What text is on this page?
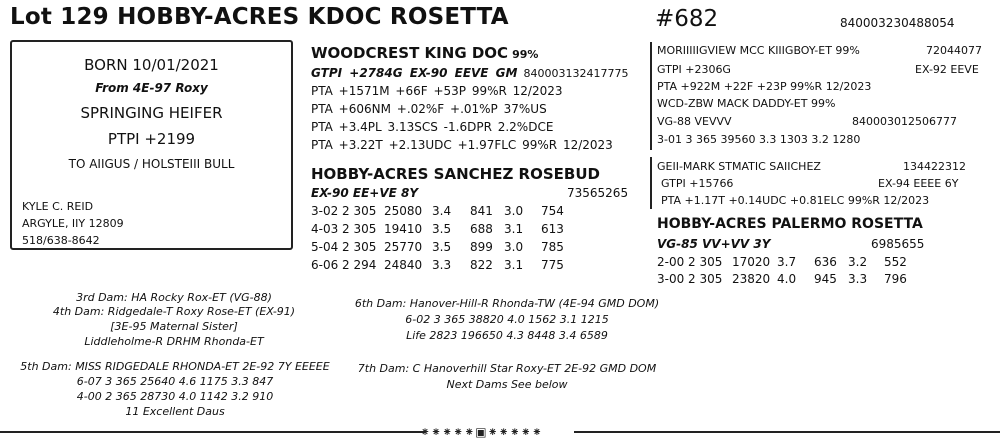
Lot 129 HOBBY-ACRES KDOC ROSETTA	#682	840003230488054
BORN 10/01/2021
From 4E-97 Roxy
SPRINGING HEIFER
PTPI +2199
TO AIIGUS / HOLSTEIII BULL
KYLE C. REID
ARGYLE, IIY 12809
518/638-8642
WOODCREST KING DOC 99%
GTPI +2784G EX-90 EEVE GM 840003132417775
PTA +1571M +66F +53P 99%R 12/2023
PTA +606NM +.02%F +.01%P 37%US
PTA +3.4PL 3.13SCS -1.6DPR 2.2%DCE
PTA +3.22T +2.13UDC +1.97FLC 99%R 12/2023
HOBBY-ACRES SANCHEZ ROSEBUD
EX-90 EE+VE 8Y	73565265
3-02 2 305 25080 3.4 841 3.0 754
4-03 2 305 19410 3.5 688 3.1 613
5-04 2 305 25770 3.5 899 3.0 785
6-06 2 294 24840 3.3 822 3.1 775
MORIIIIIGVIEW MCC KIIIGBOY-ET 99%	72044077
GTPI +2306G	EX-92 EEVE
PTA +922M +22F +23P 99%R 12/2023
WCD-ZBW MACK DADDY-ET 99%
VG-88 VEVVV	840003012506777
3-01 3 365 39560 3.3 1303 3.2 1280
GEII-MARK STMATIC SAIICHEZ	134422312
GTPI +15766	EX-94 EEEE 6Y
PTA +1.17T +0.14UDC +0.81ELC 99%R 12/2023
HOBBY-ACRES PALERMO ROSETTA
VG-85 VV+VV 3Y	6985655
2-00 2 305 17020 3.7 636 3.2 552
3-00 2 305 23820 4.0 945 3.3 796
3rd Dam: HA Rocky Rox-ET (VG-88)
4th Dam: Ridgedale-T Roxy Rose-ET (EX-91)
[3E-95 Maternal Sister]
Liddleholme-R DRHM Rhonda-ET
5th Dam: MISS RIDGEDALE RHONDA-ET 2E-92 7Y EEEEE
6-07 3 365 25640 4.6 1175 3.3 847
4-00 2 365 28730 4.0 1142 3.2 910
11 Excellent Daus
6th Dam: Hanover-Hill-R Rhonda-TW (4E-94 GMD DOM)
6-02 3 365 38820 4.0 1562 3.1 1215
Life 2823 196650 4.3 8448 3.4 6589
7th Dam: C Hanoverhill Star Roxy-ET 2E-92 GMD DOM
Next Dams See below
⁕⁕⁕⁕⁕▣⁕⁕⁕⁕⁕
